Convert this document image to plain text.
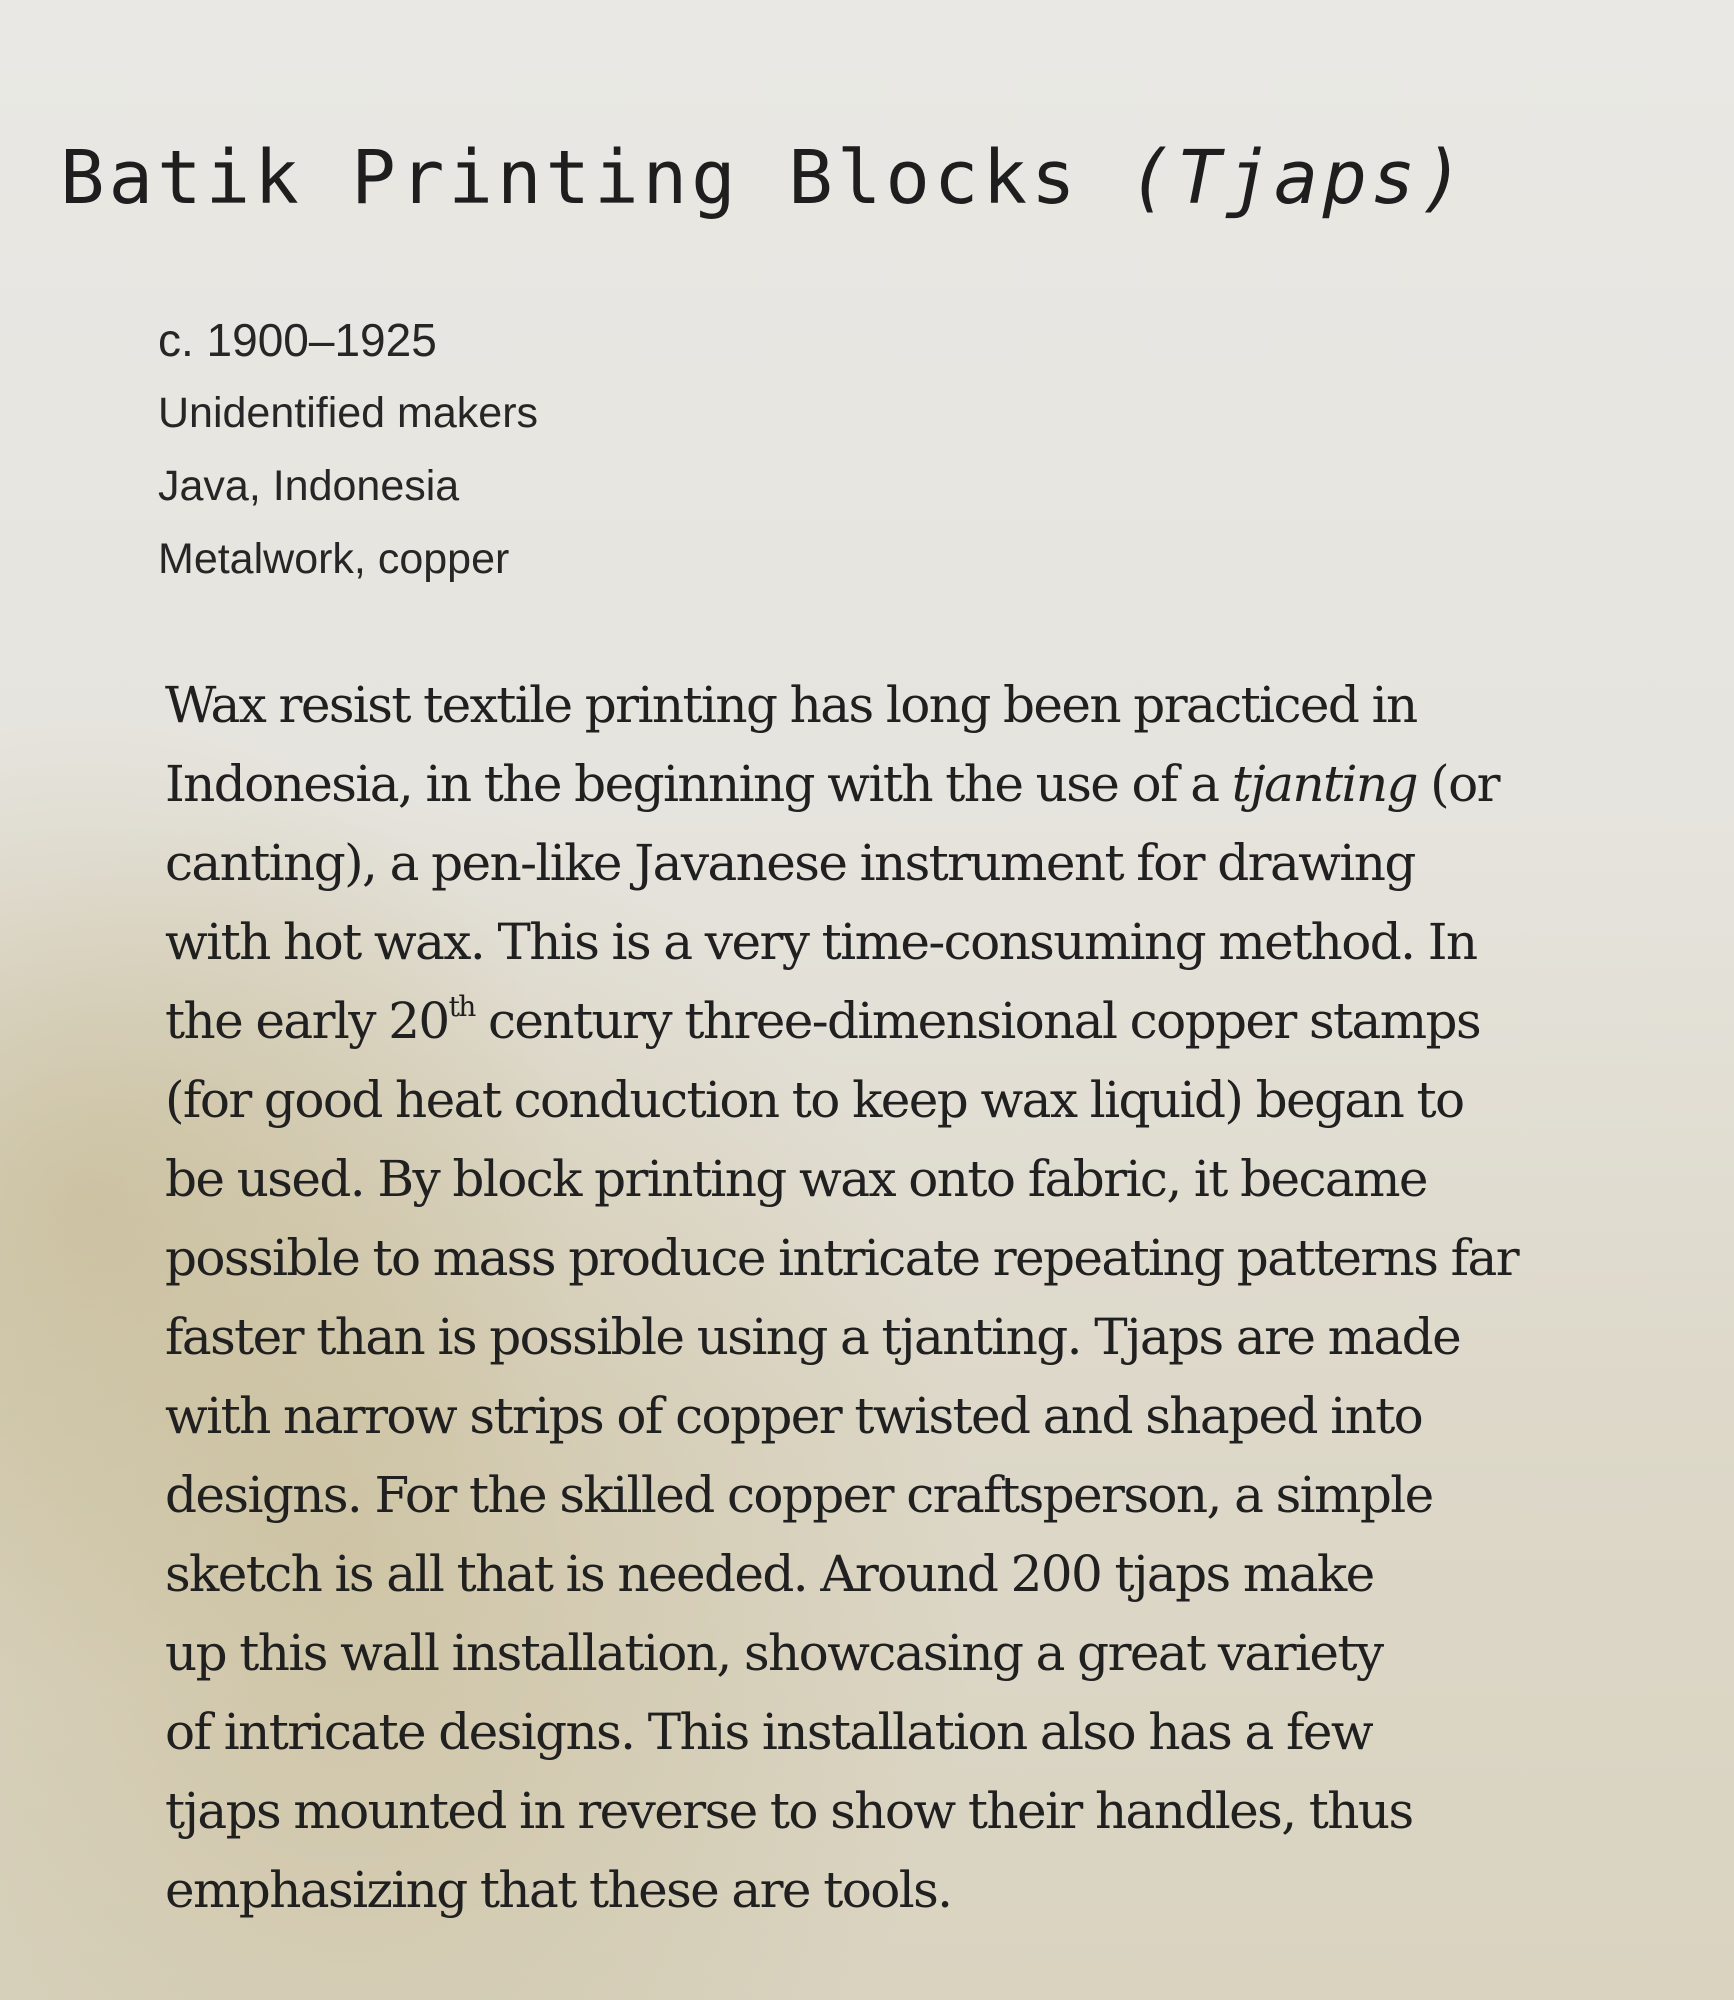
Batik Printing Blocks (Tjaps)
c. 1900–1925
Unidentified makers
Java, Indonesia
Metalwork, copper
Wax resist textile printing has long been practiced in
Indonesia, in the beginning with the use of a tjanting (or
canting), a pen-like Javanese instrument for drawing
with hot wax. This is a very time-consuming method. In
the early 20th century three-dimensional copper stamps
(for good heat conduction to keep wax liquid) began to
be used. By block printing wax onto fabric, it became
possible to mass produce intricate repeating patterns far
faster than is possible using a tjanting. Tjaps are made
with narrow strips of copper twisted and shaped into
designs. For the skilled copper craftsperson, a simple
sketch is all that is needed. Around 200 tjaps make
up this wall installation, showcasing a great variety
of intricate designs. This installation also has a few
tjaps mounted in reverse to show their handles, thus
emphasizing that these are tools.
